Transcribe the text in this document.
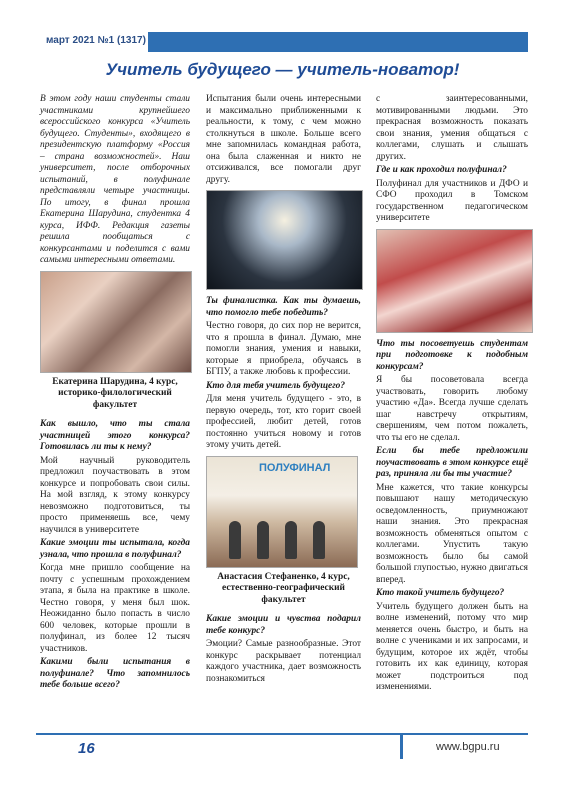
март 2021 №1 (1317)
Учитель будущего — учитель-новатор!

В этом году наши студенты стали участниками крупнейшего всероссийского конкурса «Учитель будущего. Студенты», входящего в президентскую платформу «Россия – страна возможностей». Наш университет, после отборочных испытаний, в полуфинале представляли четыре участницы. По итогу, в финал прошла Екатерина Шарудина, студентка 4 курса, ИФФ. Редакция газеты решила пообщаться с конкурсантами и поделится с вами самыми интересными ответами.

Екатерина Шарудина, 4 курс, историко-филологический факультет

Как вышло, что ты стала участницей этого конкурса? Готовилась ли ты к нему?

Мой научный руководитель предложил поучаствовать в этом конкурсе и попробовать свои силы. На мой взгляд, к этому конкурсу невозможно подготовиться, ты просто применяешь все, чему научился в университете

Какие эмоции ты испытала, когда узнала, что прошла в полуфинал?

Когда мне пришло сообщение на почту с успешным прохождением этапа, я была на практике в школе. Честно говоря, у меня был шок. Неожиданно было попасть в число 600 человек, которые прошли в полуфинал, из более 12 тысяч участников.

Какими были испытания в полуфинале? Что запомнилось тебе больше всего?

Испытания были очень интересными и максимально приближенными к реальности, к тому, с чем можно столкнуться в школе. Больше всего мне запомнилась командная работа, она была слаженная и никто не отсиживался, все помогали друг другу.

Ты финалистка. Как ты думаешь, что помогло тебе победить?

Честно говоря, до сих пор не верится, что я прошла в финал. Думаю, мне помогли знания, умения и навыки, которые я приобрела, обучаясь в БГПУ, а также любовь к профессии.

Кто для тебя учитель будущего?

Для меня учитель будущего - это, в первую очередь, тот, кто горит своей профессией, любит детей, готов постоянно учиться новому и готов этому учить детей.

ПОЛУФИНАЛ
Анастасия Стефаненко, 4 курс, естественно-географический факультет

Какие эмоции и чувства подарил тебе конкурс?

Эмоции? Самые разнообразные. Этот конкурс раскрывает потенциал каждого участника, дает возможность познакомиться

с заинтересованными, мотивированными людьми. Это прекрасная возможность показать свои знания, умения общаться с коллегами, слушать и слышать других.

Где и как проходил полуфинал?

Полуфинал для участников и ДФО и СФО проходил в Томском государственном педагогическом университете

Что ты посоветуешь студентам при подготовке к подобным конкурсам?

Я бы посоветовала всегда участвовать, говорить любому участию «Да». Всегда лучше сделать шаг навстречу открытиям, свершениям, чем потом пожалеть, что ты его не сделал.

Если бы тебе предложили поучаствовать в этом конкурсе ещё раз, приняла ли бы ты участие?

Мне кажется, что такие конкурсы повышают нашу методическую осведомленность, приумножают наши знания. Это прекрасная возможность обменяться опытом с коллегами. Упустить такую возможность было бы самой большой глупостью, нужно двигаться вперед.

Кто такой учитель будущего?

Учитель будущего должен быть на волне изменений, потому что мир меняется очень быстро, и быть на волне с учениками и их запросами, и будущим, которое их ждёт, чтобы готовить их как единицу, которая может подстроиться под изменениями.

16	www.bgpu.ru
